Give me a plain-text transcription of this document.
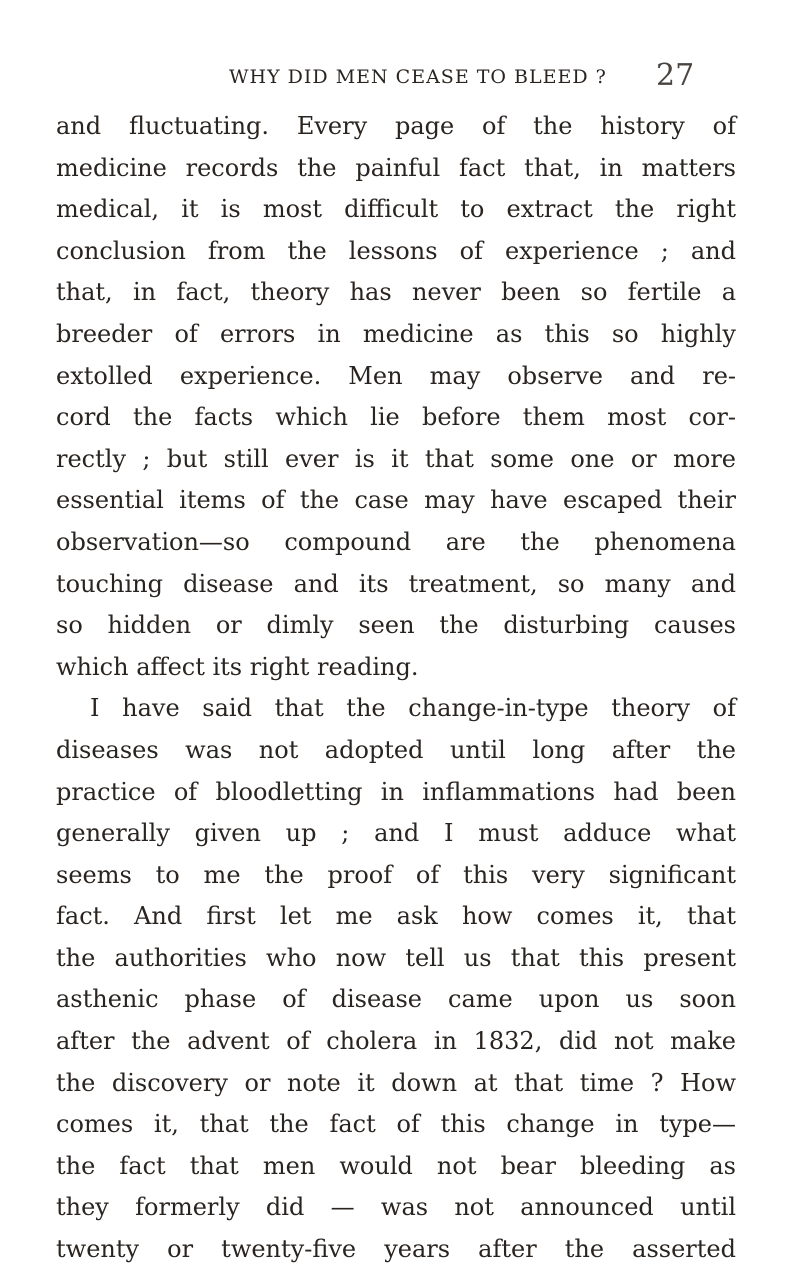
WHY DID MEN CEASE TO BLEED ? 27
and fluctuating. Every page of the history of
medicine records the painful fact that, in matters
medical, it is most difficult to extract the right
conclusion from the lessons of experience ; and
that, in fact, theory has never been so fertile a
breeder of errors in medicine as this so highly
extolled experience. Men may observe and re-
cord the facts which lie before them most cor-
rectly ; but still ever is it that some one or more
essential items of the case may have escaped their
observation—so compound are the phenomena
touching disease and its treatment, so many and
so hidden or dimly seen the disturbing causes
which affect its right reading.
I have said that the change-in-type theory of
diseases was not adopted until long after the
practice of bloodletting in inflammations had been
generally given up ; and I must adduce what
seems to me the proof of this very significant
fact. And first let me ask how comes it, that
the authorities who now tell us that this present
asthenic phase of disease came upon us soon
after the advent of cholera in 1832, did not make
the discovery or note it down at that time ? How
comes it, that the fact of this change in type—
the fact that men would not bear bleeding as
they formerly did — was not announced until
twenty or twenty-five years after the asserted
